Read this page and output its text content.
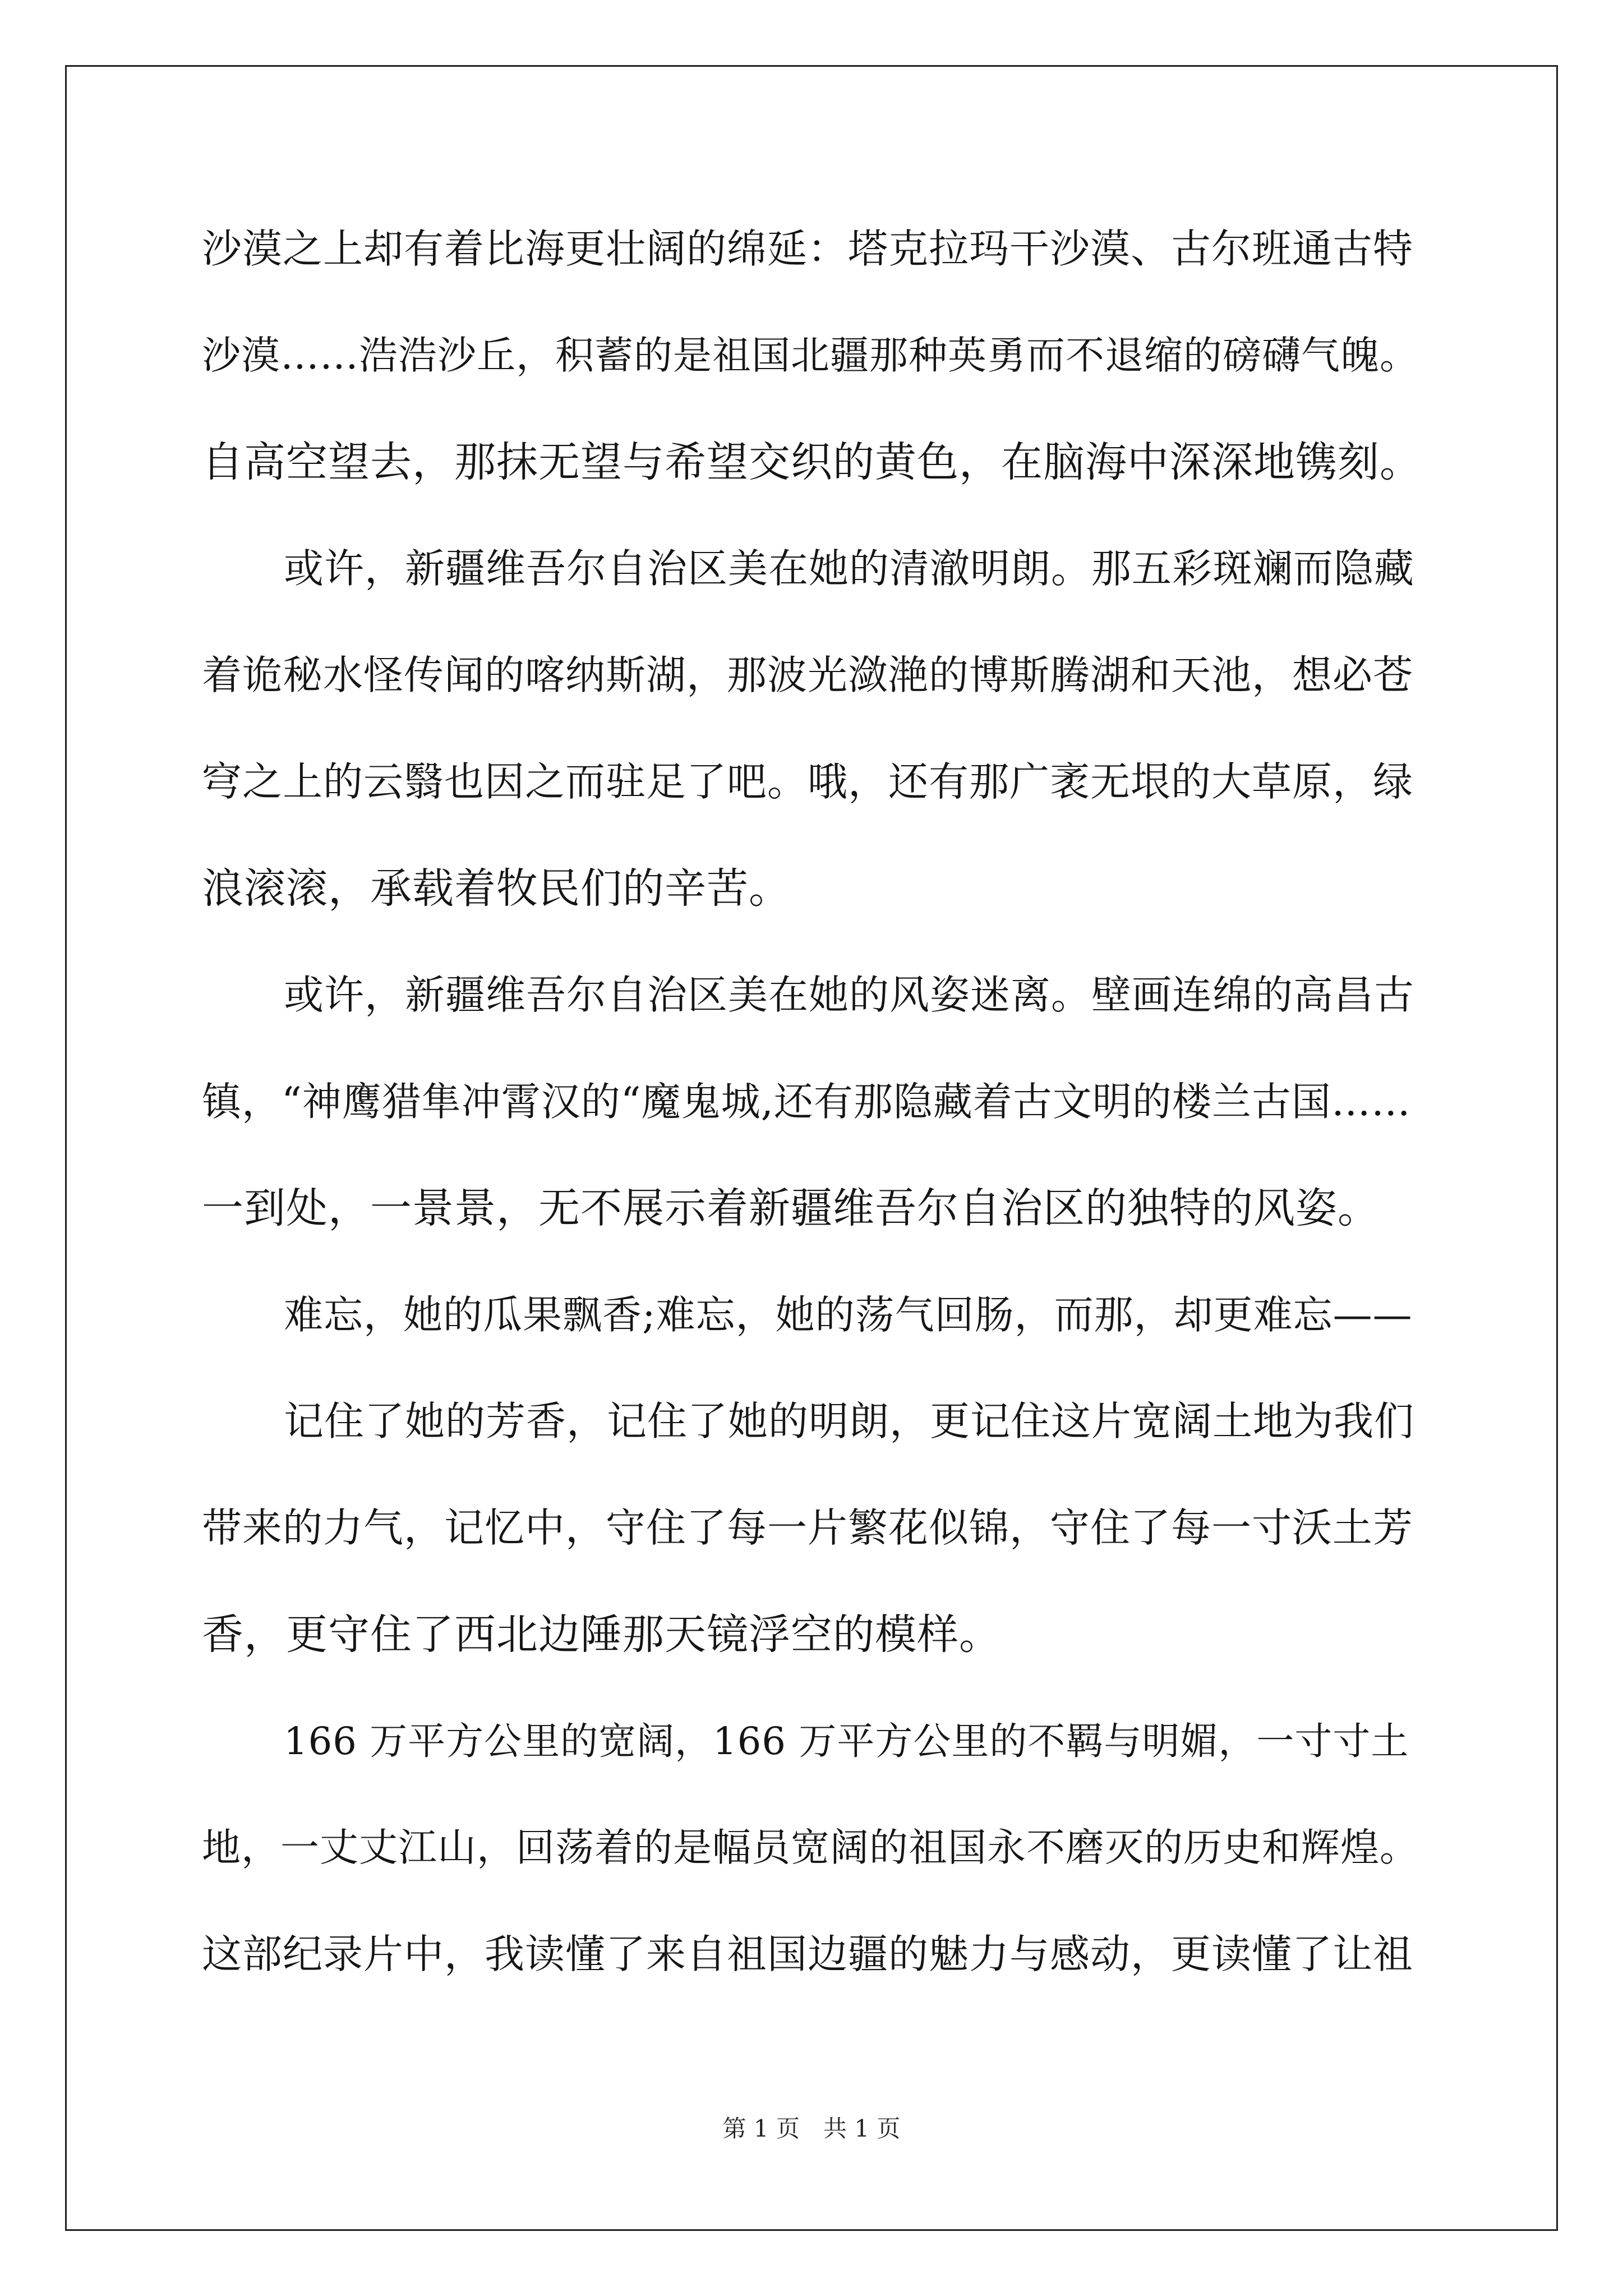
沙漠之上却有着比海更壮阔的绵延：塔克拉玛干沙漠、古尔班通古特
沙漠……浩浩沙丘，积蓄的是祖国北疆那种英勇而不退缩的磅礴气魄。
自高空望去，那抹无望与希望交织的黄色，在脑海中深深地镌刻。
或许，新疆维吾尔自治区美在她的清澈明朗。那五彩斑斓而隐藏
着诡秘水怪传闻的喀纳斯湖，那波光潋滟的博斯腾湖和天池，想必苍
穹之上的云翳也因之而驻足了吧。哦，还有那广袤无垠的大草原，绿
浪滚滚，承载着牧民们的辛苦。
或许，新疆维吾尔自治区美在她的风姿迷离。壁画连绵的高昌古
镇，“神鹰猎隼冲霄汉的“魔鬼城,还有那隐藏着古文明的楼兰古国……
一到处，一景景，无不展示着新疆维吾尔自治区的独特的风姿。
难忘，她的瓜果飘香;难忘，她的荡气回肠，而那，却更难忘——
记住了她的芳香，记住了她的明朗，更记住这片宽阔土地为我们
带来的力气，记忆中，守住了每一片繁花似锦，守住了每一寸沃土芳
香，更守住了西北边陲那天镜浮空的模样。
166 万平方公里的宽阔，166 万平方公里的不羁与明媚，一寸寸土
地，一丈丈江山，回荡着的是幅员宽阔的祖国永不磨灭的历史和辉煌。
这部纪录片中，我读懂了来自祖国边疆的魅力与感动，更读懂了让祖
第 1 页　共 1 页
